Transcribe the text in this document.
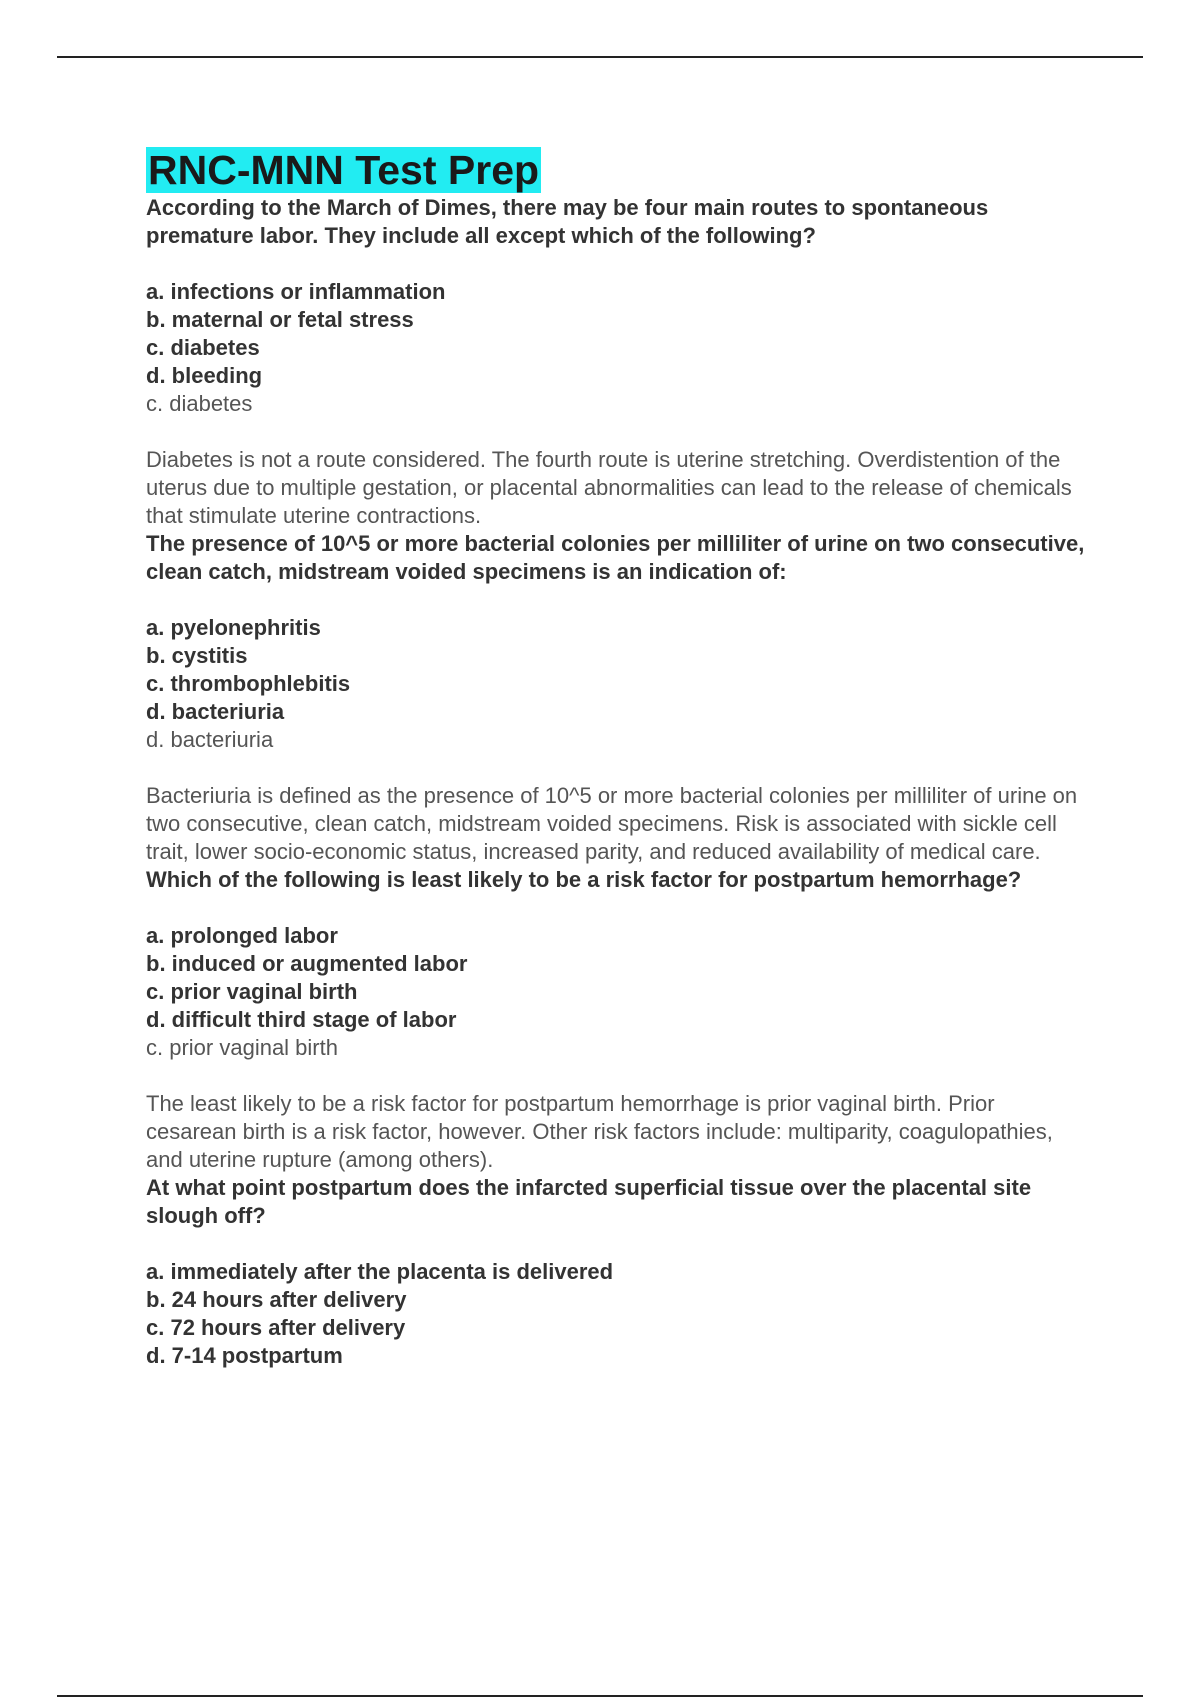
RNC-MNN Test Prep

According to the March of Dimes, there may be four main routes to spontaneous premature labor. They include all except which of the following?

a. infections or inflammation

b. maternal or fetal stress

c. diabetes

d. bleeding

c. diabetes

Diabetes is not a route considered. The fourth route is uterine stretching. Overdistention of the uterus due to multiple gestation, or placental abnormalities can lead to the release of chemicals that stimulate uterine contractions.

The presence of 10^5 or more bacterial colonies per milliliter of urine on two consecutive, clean catch, midstream voided specimens is an indication of:

a. pyelonephritis

b. cystitis

c. thrombophlebitis

d. bacteriuria

d. bacteriuria

Bacteriuria is defined as the presence of 10^5 or more bacterial colonies per milliliter of urine on two consecutive, clean catch, midstream voided specimens. Risk is associated with sickle cell trait, lower socio-economic status, increased parity, and reduced availability of medical care.

Which of the following is least likely to be a risk factor for postpartum hemorrhage?

a. prolonged labor

b. induced or augmented labor

c. prior vaginal birth

d. difficult third stage of labor

c. prior vaginal birth

The least likely to be a risk factor for postpartum hemorrhage is prior vaginal birth. Prior cesarean birth is a risk factor, however. Other risk factors include: multiparity, coagulopathies, and uterine rupture (among others).

At what point postpartum does the infarcted superficial tissue over the placental site slough off?

a. immediately after the placenta is delivered

b. 24 hours after delivery

c. 72 hours after delivery

d. 7-14 postpartum
